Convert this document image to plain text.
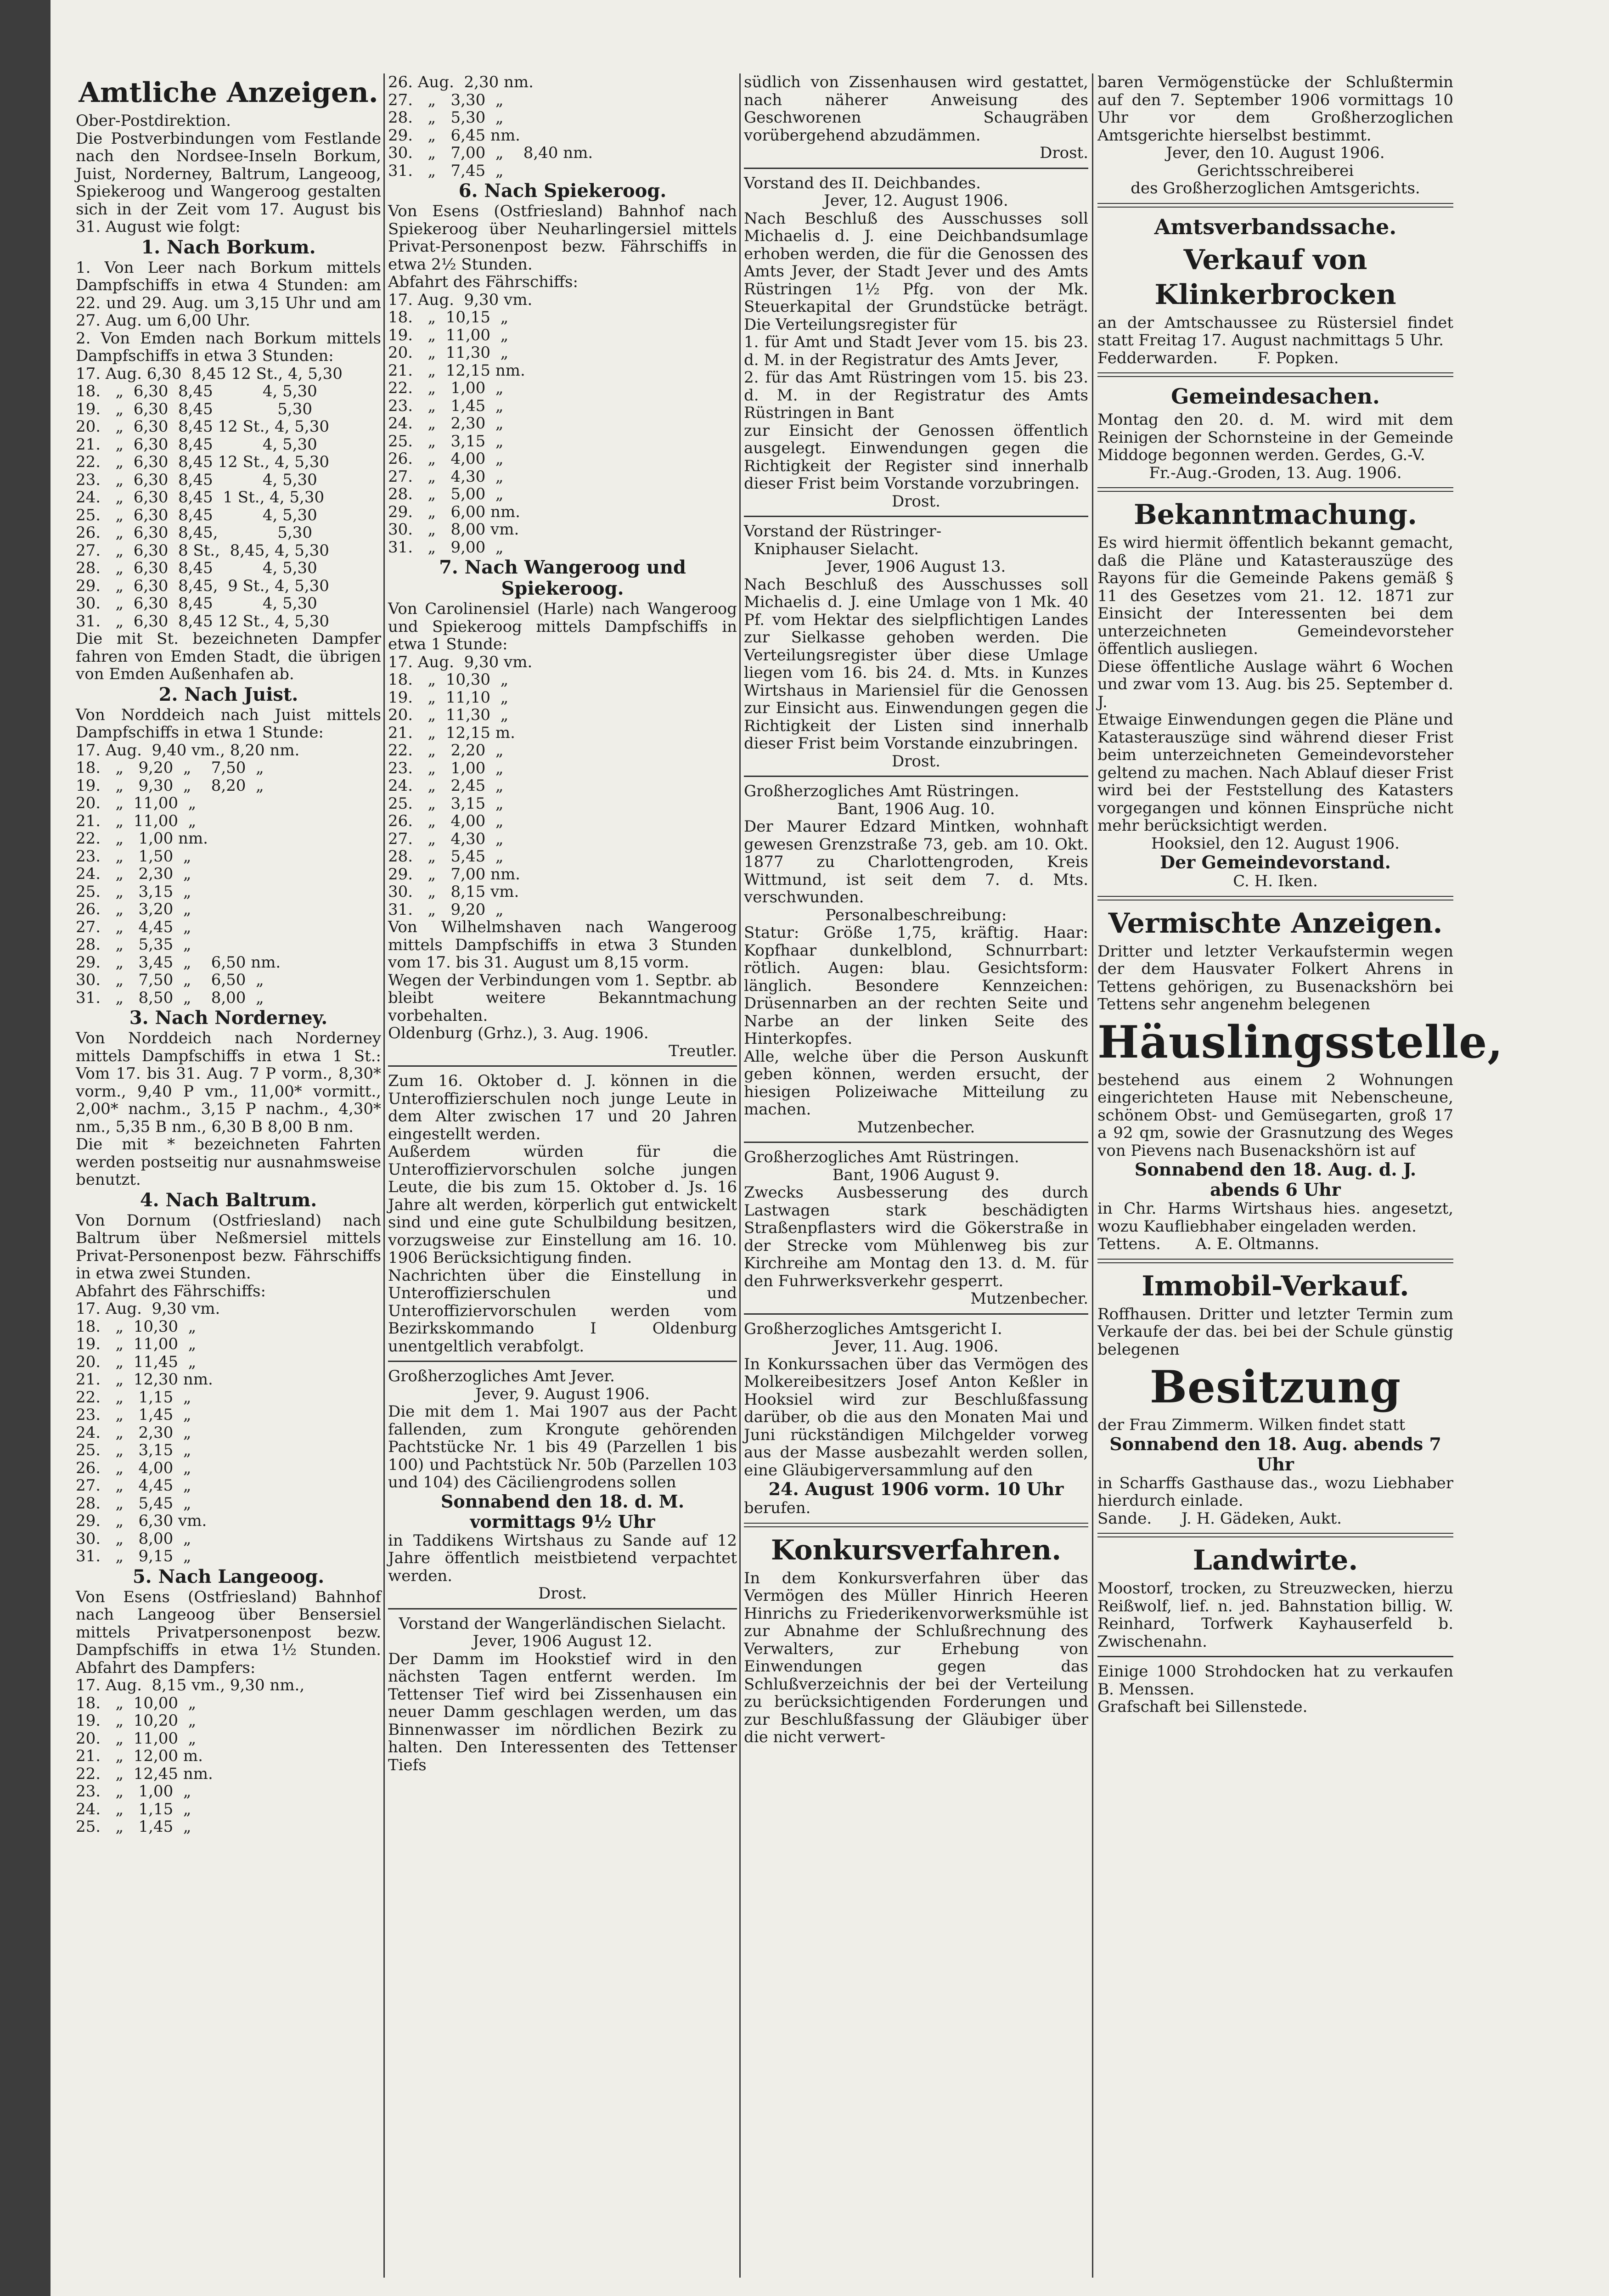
Amtliche Anzeigen.
Ober-Postdirektion.
Die Postverbindungen vom Festlande nach den Nordsee-Inseln Borkum, Juist, Norderney, Baltrum, Langeoog, Spiekeroog und Wangeroog gestalten sich in der Zeit vom 17. August bis 31. August wie folgt:
1. Nach Borkum.
1. Von Leer nach Borkum mittels Dampfschiffs in etwa 4 Stunden: am 22. und 29. Aug. um 3,15 Uhr und am 27. Aug. um 6,00 Uhr.
2. Von Emden nach Borkum mittels Dampfschiffs in etwa 3 Stunden:
17. Aug. 6,30  8,45 12 St., 4, 5,30
18.   „  6,30  8,45          4, 5,30
19.   „  6,30  8,45             5,30
20.   „  6,30  8,45 12 St., 4, 5,30
21.   „  6,30  8,45          4, 5,30
22.   „  6,30  8,45 12 St., 4, 5,30
23.   „  6,30  8,45          4, 5,30
24.   „  6,30  8,45  1 St., 4, 5,30
25.   „  6,30  8,45          4, 5,30
26.   „  6,30  8,45,            5,30
27.   „  6,30  8 St.,  8,45, 4, 5,30
28.   „  6,30  8,45          4, 5,30
29.   „  6,30  8,45,  9 St., 4, 5,30
30.   „  6,30  8,45          4, 5,30
31.   „  6,30  8,45 12 St., 4, 5,30
Die mit St. bezeichneten Dampfer fahren von Emden Stadt, die übrigen von Emden Außenhafen ab.
2. Nach Juist.
Von Norddeich nach Juist mittels Dampfschiffs in etwa 1 Stunde:
17. Aug.  9,40 vm., 8,20 nm.
18.   „   9,20  „    7,50  „
19.   „   9,30  „    8,20  „
20.   „  11,00  „
21.   „  11,00  „
22.   „   1,00 nm.
23.   „   1,50  „
24.   „   2,30  „
25.   „   3,15  „
26.   „   3,20  „
27.   „   4,45  „
28.   „   5,35  „
29.   „   3,45  „    6,50 nm.
30.   „   7,50  „    6,50  „
31.   „   8,50  „    8,00  „
3. Nach Norderney.
Von Norddeich nach Norderney mittels Dampfschiffs in etwa 1 St.: Vom 17. bis 31. Aug. 7 P vorm., 8,30* vorm., 9,40 P vm., 11,00* vormitt., 2,00* nachm., 3,15 P nachm., 4,30* nm., 5,35 B nm., 6,30 B 8,00 B nm.
Die mit * bezeichneten Fahrten werden postseitig nur ausnahmsweise benutzt.
4. Nach Baltrum.
Von Dornum (Ostfriesland) nach Baltrum über Neßmersiel mittels Privat-Personenpost bezw. Fährschiffs in etwa zwei Stunden.
Abfahrt des Fährschiffs:
17. Aug.  9,30 vm.
18.   „  10,30  „
19.   „  11,00  „
20.   „  11,45  „
21.   „  12,30 nm.
22.   „   1,15  „
23.   „   1,45  „
24.   „   2,30  „
25.   „   3,15  „
26.   „   4,00  „
27.   „   4,45  „
28.   „   5,45  „
29.   „   6,30 vm.
30.   „   8,00  „
31.   „   9,15  „
5. Nach Langeoog.
Von Esens (Ostfriesland) Bahnhof nach Langeoog über Bensersiel mittels Privatpersonenpost bezw. Dampfschiffs in etwa 1½ Stunden. Abfahrt des Dampfers:
17. Aug.  8,15 vm., 9,30 nm.,
18.   „  10,00  „
19.   „  10,20  „
20.   „  11,00  „
21.   „  12,00 m.
22.   „  12,45 nm.
23.   „   1,00  „
24.   „   1,15  „
25.   „   1,45  „
26. Aug.  2,30 nm.
27.   „   3,30  „
28.   „   5,30  „
29.   „   6,45 nm.
30.   „   7,00  „    8,40 nm.
31.   „   7,45  „
6. Nach Spiekeroog.
Von Esens (Ostfriesland) Bahnhof nach Spiekeroog über Neuharlingersiel mittels Privat-Personenpost bezw. Fährschiffs in etwa 2½ Stunden.
Abfahrt des Fährschiffs:
17. Aug.  9,30 vm.
18.   „  10,15  „
19.   „  11,00  „
20.   „  11,30  „
21.   „  12,15 nm.
22.   „   1,00  „
23.   „   1,45  „
24.   „   2,30  „
25.   „   3,15  „
26.   „   4,00  „
27.   „   4,30  „
28.   „   5,00  „
29.   „   6,00 nm.
30.   „   8,00 vm.
31.   „   9,00  „
7. Nach Wangeroog und Spiekeroog.
Von Carolinensiel (Harle) nach Wangeroog und Spiekeroog mittels Dampfschiffs in etwa 1 Stunde:
17. Aug.  9,30 vm.
18.   „  10,30  „
19.   „  11,10  „
20.   „  11,30  „
21.   „  12,15 m.
22.   „   2,20  „
23.   „   1,00  „
24.   „   2,45  „
25.   „   3,15  „
26.   „   4,00  „
27.   „   4,30  „
28.   „   5,45  „
29.   „   7,00 nm.
30.   „   8,15 vm.
31.   „   9,20  „
Von Wilhelmshaven nach Wangeroog mittels Dampfschiffs in etwa 3 Stunden vom 17. bis 31. August um 8,15 vorm.
Wegen der Verbindungen vom 1. Septbr. ab bleibt weitere Bekanntmachung vorbehalten.
Oldenburg (Grhz.), 3. Aug. 1906.
Treutler.
Zum 16. Oktober d. J. können in die Unteroffizierschulen noch junge Leute in dem Alter zwischen 17 und 20 Jahren eingestellt werden.
Außerdem würden für die Unteroffiziervorschulen solche jungen Leute, die bis zum 15. Oktober d. Js. 16 Jahre alt werden, körperlich gut entwickelt sind und eine gute Schulbildung besitzen, vorzugsweise zur Einstellung am 16. 10. 1906 Berücksichtigung finden.
Nachrichten über die Einstellung in Unteroffizierschulen und Unteroffiziervorschulen werden vom Bezirkskommando I Oldenburg unentgeltlich verabfolgt.
Großherzogliches Amt Jever.
Jever, 9. August 1906.
Die mit dem 1. Mai 1907 aus der Pacht fallenden, zum Krongute gehörenden Pachtstücke Nr. 1 bis 49 (Parzellen 1 bis 100) und Pachtstück Nr. 50b (Parzellen 103 und 104) des Cäciliengrodens sollen
Sonnabend den 18. d. M. vormittags 9½ Uhr
in Taddikens Wirtshaus zu Sande auf 12 Jahre öffentlich meistbietend verpachtet werden.
Drost.
Vorstand der Wangerländischen Sielacht.
Jever, 1906 August 12.
Der Damm im Hookstief wird in den nächsten Tagen entfernt werden. Im Tettenser Tief wird bei Zissenhausen ein neuer Damm geschlagen werden, um das Binnenwasser im nördlichen Bezirk zu halten. Den Interessenten des Tettenser Tiefs
südlich von Zissenhausen wird gestattet, nach näherer Anweisung des Geschworenen Schaugräben vorübergehend abzudämmen.
Drost.
Vorstand des II. Deichbandes.
Jever, 12. August 1906.
Nach Beschluß des Ausschusses soll Michaelis d. J. eine Deichbandsumlage erhoben werden, die für die Genossen des Amts Jever, der Stadt Jever und des Amts Rüstringen 1½ Pfg. von der Mk. Steuerkapital der Grundstücke beträgt. Die Verteilungsregister für
1. für Amt und Stadt Jever vom 15. bis 23. d. M. in der Registratur des Amts Jever,
2. für das Amt Rüstringen vom 15. bis 23. d. M. in der Registratur des Amts Rüstringen in Bant
zur Einsicht der Genossen öffentlich ausgelegt. Einwendungen gegen die Richtigkeit der Register sind innerhalb dieser Frist beim Vorstande vorzubringen.
Drost.
Vorstand der Rüstringer-
Kniphauser Sielacht.
Jever, 1906 August 13.
Nach Beschluß des Ausschusses soll Michaelis d. J. eine Umlage von 1 Mk. 40 Pf. vom Hektar des sielpflichtigen Landes zur Sielkasse gehoben werden. Die Verteilungsregister über diese Umlage liegen vom 16. bis 24. d. Mts. in Kunzes Wirtshaus in Mariensiel für die Genossen zur Einsicht aus. Einwendungen gegen die Richtigkeit der Listen sind innerhalb dieser Frist beim Vorstande einzubringen.
Drost.
Großherzogliches Amt Rüstringen.
Bant, 1906 Aug. 10.
Der Maurer Edzard Mintken, wohnhaft gewesen Grenzstraße 73, geb. am 10. Okt. 1877 zu Charlottengroden, Kreis Wittmund, ist seit dem 7. d. Mts. verschwunden.
Personalbeschreibung:
Statur: Größe 1,75, kräftig. Haar: Kopfhaar dunkelblond, Schnurrbart: rötlich. Augen: blau. Gesichtsform: länglich. Besondere Kennzeichen: Drüsennarben an der rechten Seite und Narbe an der linken Seite des Hinterkopfes.
Alle, welche über die Person Auskunft geben können, werden ersucht, der hiesigen Polizeiwache Mitteilung zu machen.
Mutzenbecher.
Großherzogliches Amt Rüstringen.
Bant, 1906 August 9.
Zwecks Ausbesserung des durch Lastwagen stark beschädigten Straßenpflasters wird die Gökerstraße in der Strecke vom Mühlenweg bis zur Kirchreihe am Montag den 13. d. M. für den Fuhrwerksverkehr gesperrt.
Mutzenbecher.
Großherzogliches Amtsgericht I.
Jever, 11. Aug. 1906.
In Konkurssachen über das Vermögen des Molkereibesitzers Josef Anton Keßler in Hooksiel wird zur Beschlußfassung darüber, ob die aus den Monaten Mai und Juni rückständigen Milchgelder vorweg aus der Masse ausbezahlt werden sollen, eine Gläubigerversammlung auf den
24. August 1906 vorm. 10 Uhr
berufen.
Konkursverfahren.
In dem Konkursverfahren über das Vermögen des Müller Hinrich Heeren Hinrichs zu Friederikenvorwerksmühle ist zur Abnahme der Schlußrechnung des Verwalters, zur Erhebung von Einwendungen gegen das Schlußverzeichnis der bei der Verteilung zu berücksichtigenden Forderungen und zur Beschlußfassung der Gläubiger über die nicht verwert-
baren Vermögenstücke der Schlußtermin auf den 7. September 1906 vormittags 10 Uhr vor dem Großherzoglichen Amtsgerichte hierselbst bestimmt.
Jever, den 10. August 1906.
Gerichtsschreiberei
des Großherzoglichen Amtsgerichts.
Amtsverbandssache.
Verkauf von Klinkerbrocken
an der Amtschaussee zu Rüstersiel findet statt Freitag 17. August nachmittags 5 Uhr.
Fedderwarden.        F. Popken.
Gemeindesachen.
Montag den 20. d. M. wird mit dem Reinigen der Schornsteine in der Gemeinde Middoge begonnen werden. Gerdes, G.-V.
Fr.-Aug.-Groden, 13. Aug. 1906.
Bekanntmachung.
Es wird hiermit öffentlich bekannt gemacht, daß die Pläne und Katasterauszüge des Rayons für die Gemeinde Pakens gemäß § 11 des Gesetzes vom 21. 12. 1871 zur Einsicht der Interessenten bei dem unterzeichneten Gemeindevorsteher öffentlich ausliegen.
Diese öffentliche Auslage währt 6 Wochen und zwar vom 13. Aug. bis 25. September d. J.
Etwaige Einwendungen gegen die Pläne und Katasterauszüge sind während dieser Frist beim unterzeichneten Gemeindevorsteher geltend zu machen. Nach Ablauf dieser Frist wird bei der Feststellung des Katasters vorgegangen und können Einsprüche nicht mehr berücksichtigt werden.
Hooksiel, den 12. August 1906.
Der Gemeindevorstand.
C. H. Iken.
Vermischte Anzeigen.
Dritter und letzter Verkaufstermin wegen der dem Hausvater Folkert Ahrens in Tettens gehörigen, zu Busenackshörn bei Tettens sehr angenehm belegenen
Häuslingsstelle,
bestehend aus einem 2 Wohnungen eingerichteten Hause mit Nebenscheune, schönem Obst- und Gemüsegarten, groß 17 a 92 qm, sowie der Grasnutzung des Weges von Pievens nach Busenackshörn ist auf
Sonnabend den 18. Aug. d. J. abends 6 Uhr
in Chr. Harms Wirtshaus hies. angesetzt, wozu Kaufliebhaber eingeladen werden.
Tettens.       A. E. Oltmanns.
Immobil-Verkauf.
Roffhausen. Dritter und letzter Termin zum Verkaufe der das. bei bei der Schule günstig belegenen
Besitzung
der Frau Zimmerm. Wilken findet statt
Sonnabend den 18. Aug. abends 7 Uhr
in Scharffs Gasthause das., wozu Liebhaber hierdurch einlade.
Sande.      J. H. Gädeken, Aukt.
Landwirte.
Moostorf, trocken, zu Streuzwecken, hierzu Reißwolf, lief. n. jed. Bahnstation billig. W. Reinhard, Torfwerk Kayhauserfeld b. Zwischenahn.
Einige 1000 Strohdocken hat zu verkaufen B. Menssen.
Grafschaft bei Sillenstede.
